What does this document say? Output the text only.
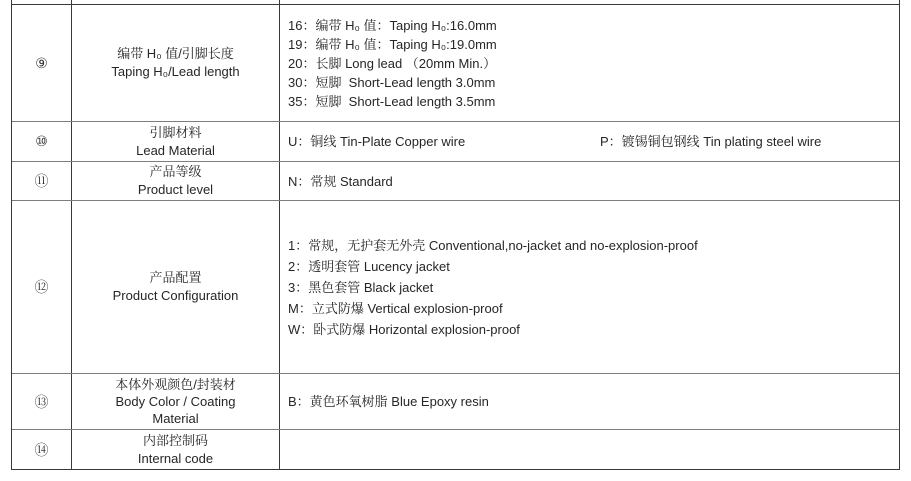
⑨
编带 H₀ 值/引脚长度
Taping H₀/Lead length
16：编带 H₀ 值：Taping H₀:16.0mm
19：编带 H₀ 值：Taping H₀:19.0mm
20：长脚 Long lead （20mm Min.）
30：短脚  Short-Lead length 3.0mm
35：短脚  Short-Lead length 3.5mm
⑩
引脚材料
Lead Material
U：铜线 Tin-Plate Copper wire	P：镀锡铜包钢线 Tin plating steel wire
⑪
产品等级
Product level
N：常规 Standard
⑫
产品配置
Product Configuration
1：常规，无护套无外壳 Conventional,no-jacket and no-explosion-proof
2：透明套管 Lucency jacket
3：黑色套管 Black jacket
M：立式防爆 Vertical explosion-proof
W：卧式防爆 Horizontal explosion-proof
⑬
本体外观颜色/封装材
Body Color / Coating
Material
B：黄色环氧树脂 Blue Epoxy resin
⑭
内部控制码
Internal code
